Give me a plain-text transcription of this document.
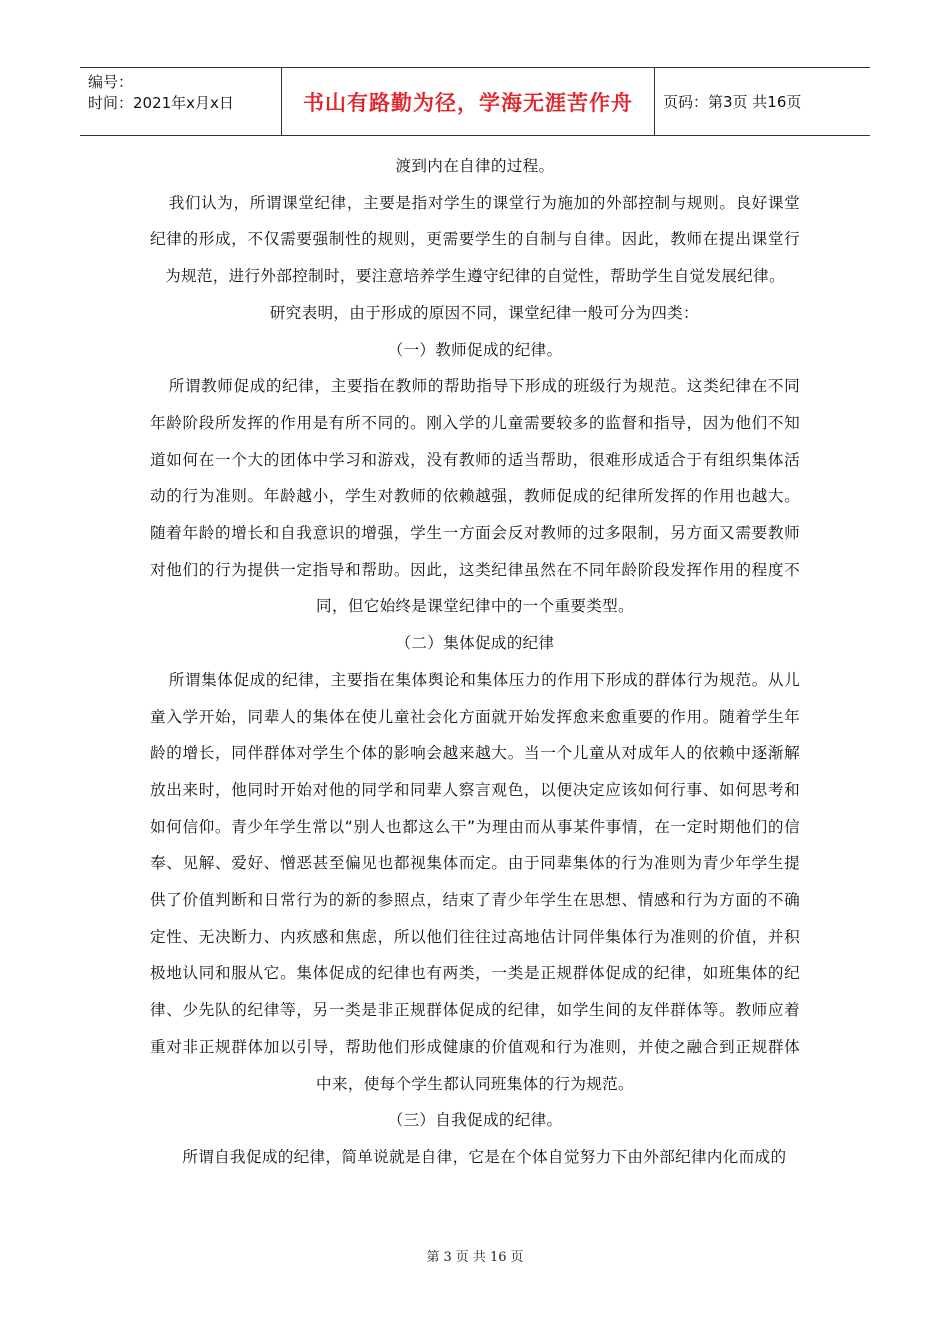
编号：
时间：2021年x月x日	书山有路勤为径，学海无涯苦作舟 页码：第3页 共16页

渡到内在自律的过程。

我们认为，所谓课堂纪律，主要是指对学生的课堂行为施加的外部控制与规则。良好课堂纪律的形成，不仅需要强制性的规则，更需要学生的自制与自律。因此，教师在提出课堂行为规范，进行外部控制时，要注意培养学生遵守纪律的自觉性，帮助学生自觉发展纪律。

研究表明，由于形成的原因不同，课堂纪律一般可分为四类：

（一）教师促成的纪律。

所谓教师促成的纪律，主要指在教师的帮助指导下形成的班级行为规范。这类纪律在不同年龄阶段所发挥的作用是有所不同的。刚入学的儿童需要较多的监督和指导，因为他们不知道如何在一个大的团体中学习和游戏，没有教师的适当帮助，很难形成适合于有组织集体活动的行为准则。年龄越小，学生对教师的依赖越强，教师促成的纪律所发挥的作用也越大。随着年龄的增长和自我意识的增强，学生一方面会反对教师的过多限制，另方面又需要教师对他们的行为提供一定指导和帮助。因此，这类纪律虽然在不同年龄阶段发挥作用的程度不同，但它始终是课堂纪律中的一个重要类型。

（二）集体促成的纪律

所谓集体促成的纪律，主要指在集体舆论和集体压力的作用下形成的群体行为规范。从儿童入学开始，同辈人的集体在使儿童社会化方面就开始发挥愈来愈重要的作用。随着学生年龄的增长，同伴群体对学生个体的影响会越来越大。当一个儿童从对成年人的依赖中逐渐解放出来时，他同时开始对他的同学和同辈人察言观色，以便决定应该如何行事、如何思考和如何信仰。青少年学生常以“别人也都这么干”为理由而从事某件事情，在一定时期他们的信奉、见解、爱好、憎恶甚至偏见也都视集体而定。由于同辈集体的行为准则为青少年学生提供了价值判断和日常行为的新的参照点，结束了青少年学生在思想、情感和行为方面的不确定性、无决断力、内疚感和焦虑，所以他们往往过高地估计同伴集体行为准则的价值，并积极地认同和服从它。集体促成的纪律也有两类，一类是正规群体促成的纪律，如班集体的纪律、少先队的纪律等，另一类是非正规群体促成的纪律，如学生间的友伴群体等。教师应着重对非正规群体加以引导，帮助他们形成健康的价值观和行为准则，并使之融合到正规群体中来，使每个学生都认同班集体的行为规范。

（三）自我促成的纪律。

所谓自我促成的纪律，简单说就是自律，它是在个体自觉努力下由外部纪律内化而成的

第 3 页 共 16 页
